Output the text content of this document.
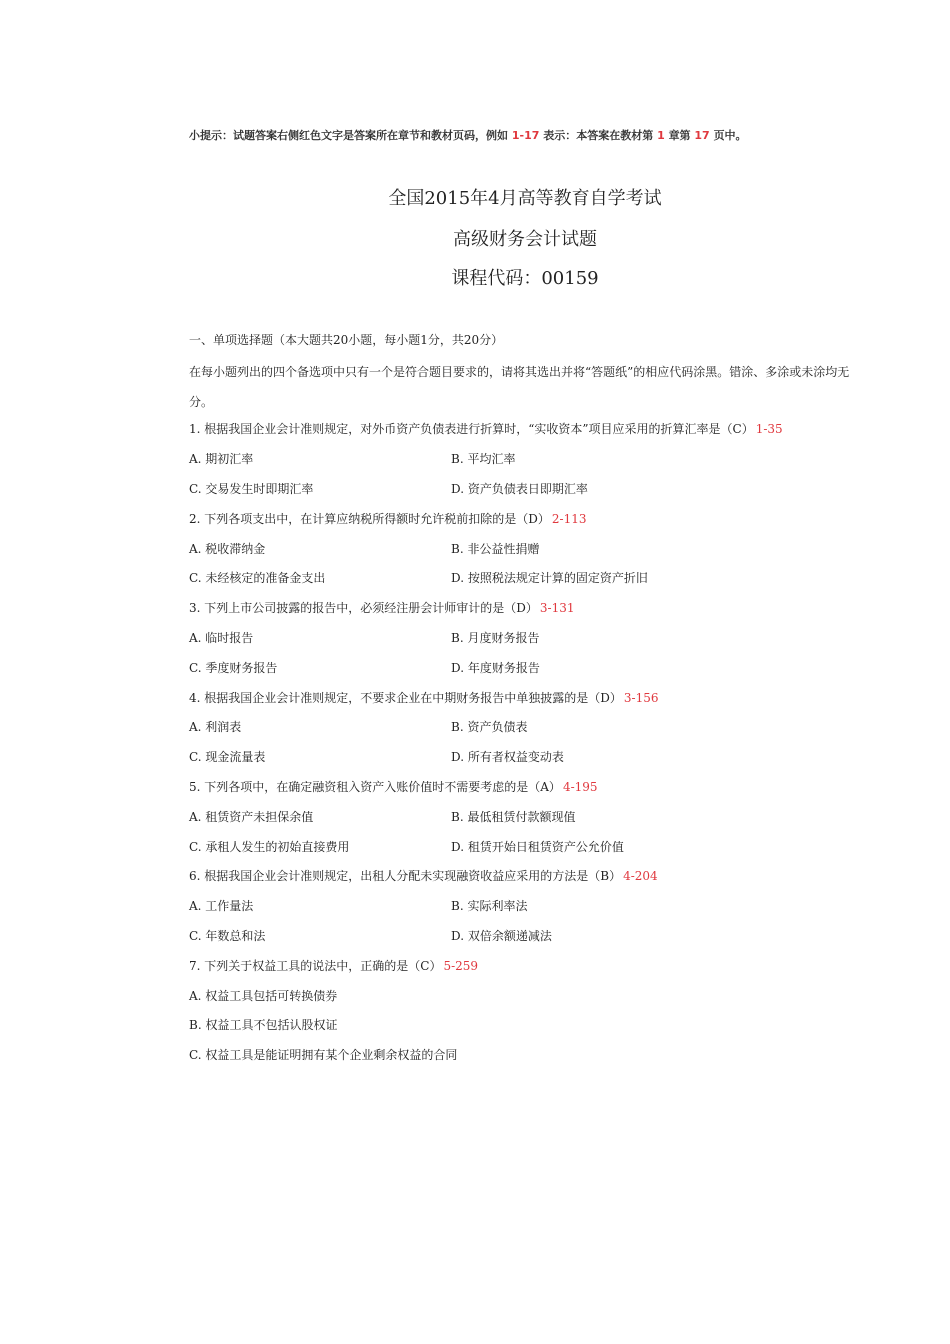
小提示：试题答案右侧红色文字是答案所在章节和教材页码，例如 1-17 表示：本答案在教材第 1 章第 17 页中。
全国2015年4月高等教育自学考试
高级财务会计试题
课程代码：00159
一、单项选择题（本大题共20小题，每小题1分，共20分）
在每小题列出的四个备选项中只有一个是符合题目要求的，请将其选出并将“答题纸”的相应代码涂黑。错涂、多涂或未涂均无分。
1. 根据我国企业会计准则规定，对外币资产负债表进行折算时，“实收资本”项目应采用的折算汇率是（C） 1-35
A. 期初汇率	B. 平均汇率
C. 交易发生时即期汇率	D. 资产负债表日即期汇率
2. 下列各项支出中，在计算应纳税所得额时允许税前扣除的是（D） 2-113
A. 税收滞纳金	B. 非公益性捐赠
C. 未经核定的准备金支出	D. 按照税法规定计算的固定资产折旧
3. 下列上市公司披露的报告中，必须经注册会计师审计的是（D） 3-131
A. 临时报告	B. 月度财务报告
C. 季度财务报告	D. 年度财务报告
4. 根据我国企业会计准则规定，不要求企业在中期财务报告中单独披露的是（D） 3-156
A. 利润表	B. 资产负债表
C. 现金流量表	D. 所有者权益变动表
5. 下列各项中，在确定融资租入资产入账价值时不需要考虑的是（A） 4-195
A. 租赁资产未担保余值	B. 最低租赁付款额现值
C. 承租人发生的初始直接费用	D. 租赁开始日租赁资产公允价值
6. 根据我国企业会计准则规定，出租人分配未实现融资收益应采用的方法是（B） 4-204
A. 工作量法	B. 实际利率法
C. 年数总和法	D. 双倍余额递减法
7. 下列关于权益工具的说法中，正确的是（C） 5-259
A. 权益工具包括可转换债券
B. 权益工具不包括认股权证
C. 权益工具是能证明拥有某个企业剩余权益的合同
